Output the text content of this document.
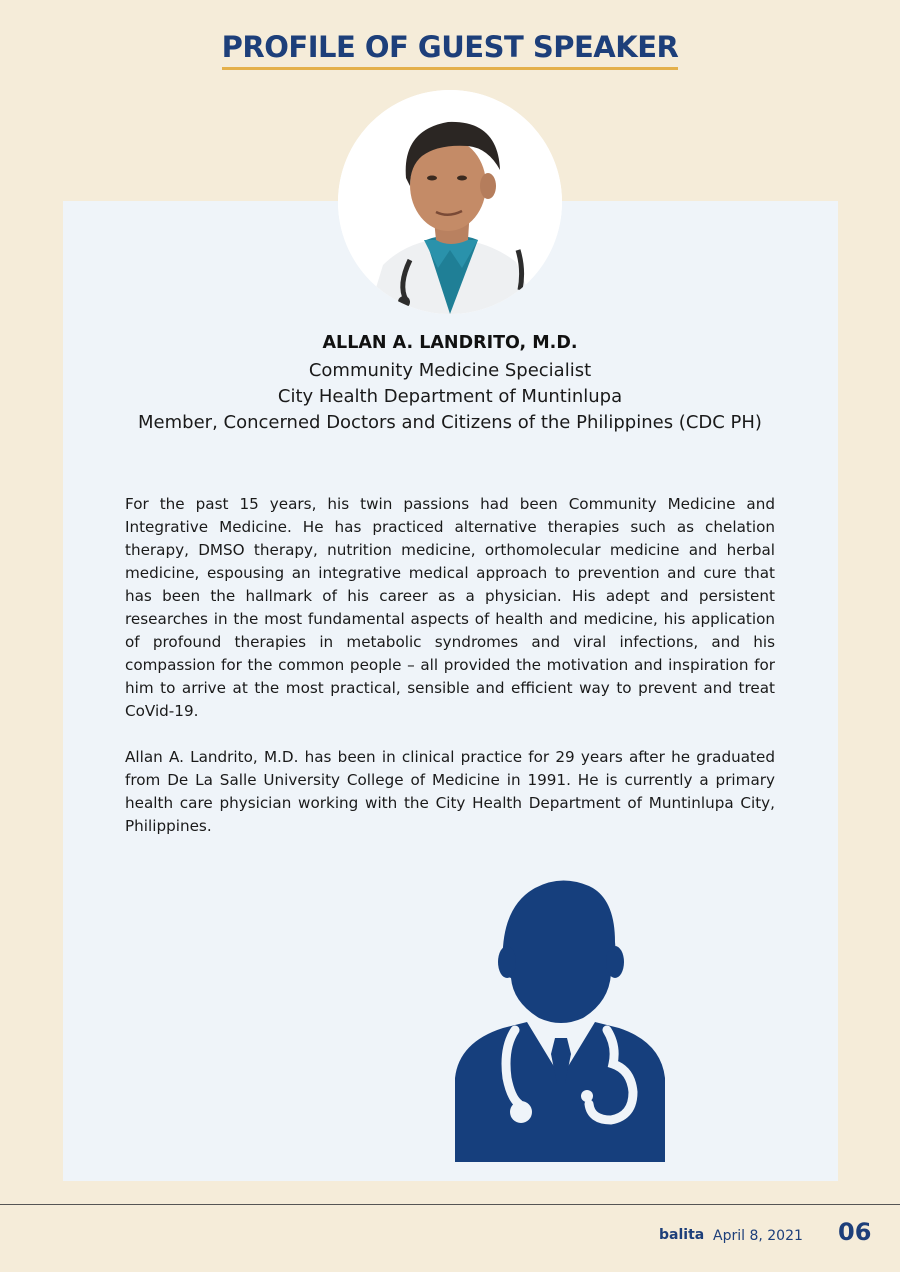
PROFILE OF GUEST SPEAKER
ALLAN A. LANDRITO, M.D.
Community Medicine Specialist
City Health Department of Muntinlupa
Member, Concerned Doctors and Citizens of the Philippines (CDC PH)

For the past 15 years, his twin passions had been Community Medicine and Integrative Medicine. He has practiced alternative therapies such as chelation therapy, DMSO therapy, nutrition medicine, orthomolecular medicine and herbal medicine, espousing an integrative medical approach to prevention and cure that has been the hallmark of his career as a physician. His adept and persistent researches in the most fundamental aspects of health and medicine, his application of profound therapies in metabolic syndromes and viral infections, and his compassion for the common people – all provided the motivation and inspiration for him to arrive at the most practical, sensible and efficient way to prevent and treat CoVid-19.

Allan A. Landrito, M.D. has been in clinical practice for 29 years after he graduated from De La Salle University College of Medicine in 1991. He is currently a primary health care physician working with the City Health Department of Muntinlupa City, Philippines.

balita April 8, 2021 06
